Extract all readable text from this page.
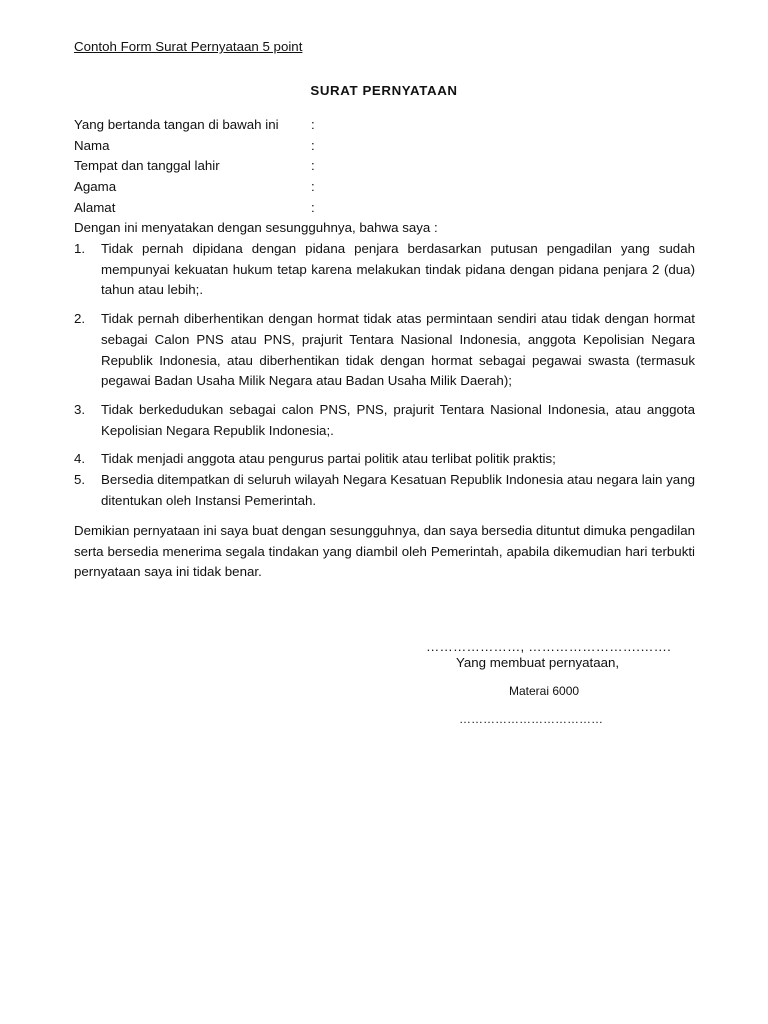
Contoh Form Surat Pernyataan 5 point
SURAT PERNYATAAN
Yang bertanda tangan di bawah ini	:
Nama	:
Tempat dan tanggal lahir	:
Agama	:
Alamat	:
Dengan ini menyatakan dengan sesungguhnya, bahwa saya :
1.	Tidak pernah dipidana dengan pidana penjara berdasarkan putusan pengadilan yang sudah mempunyai kekuatan hukum tetap karena melakukan tindak pidana dengan pidana penjara 2 (dua) tahun atau lebih;.
2.	Tidak pernah diberhentikan dengan hormat tidak atas permintaan sendiri atau tidak dengan hormat sebagai Calon PNS atau PNS, prajurit Tentara Nasional Indonesia, anggota Kepolisian Negara Republik Indonesia, atau diberhentikan tidak dengan hormat sebagai pegawai swasta (termasuk pegawai Badan Usaha Milik Negara atau Badan Usaha Milik Daerah);
3.	Tidak berkedudukan sebagai calon PNS, PNS, prajurit Tentara Nasional Indonesia, atau anggota Kepolisian Negara Republik Indonesia;.
4.	Tidak menjadi anggota atau pengurus partai politik atau terlibat politik praktis;
5.	Bersedia ditempatkan di seluruh wilayah Negara Kesatuan Republik Indonesia atau negara lain yang ditentukan oleh Instansi Pemerintah.
Demikian pernyataan ini saya buat dengan sesungguhnya, dan saya bersedia dituntut dimuka pengadilan serta bersedia menerima segala tindakan yang diambil oleh Pemerintah, apabila dikemudian hari terbukti pernyataan saya ini tidak benar.
…………………, …………………….…….
Yang membuat pernyataan,
Materai 6000
………………………………
